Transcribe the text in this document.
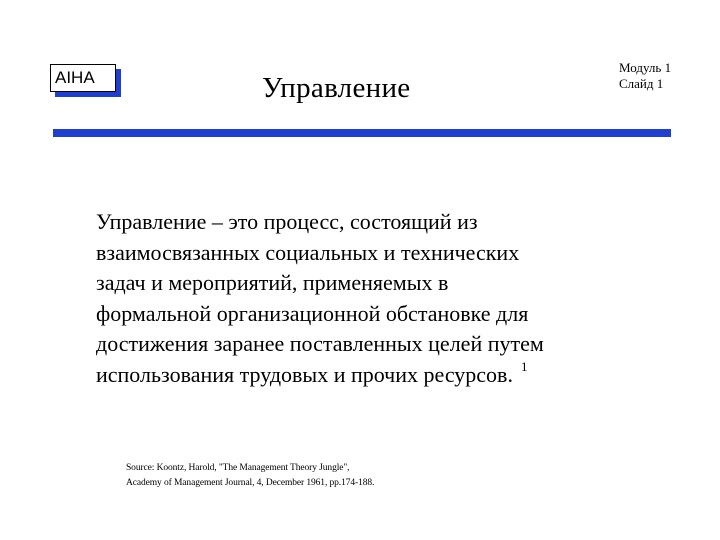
AIHA	Управление
Модуль 1
Слайд 1
Управление – это процесс, состоящий из
взаимосвязанных социальных и технических
задач и мероприятий, применяемых в
формальной организационной обстановке для
достижения заранее поставленных целей путем
использования трудовых и прочих ресурсов. $^1$
Source: Koontz, Harold, "The Management Theory Jungle",
Academy of Management Journal, 4, December 1961, pp.174-188.
